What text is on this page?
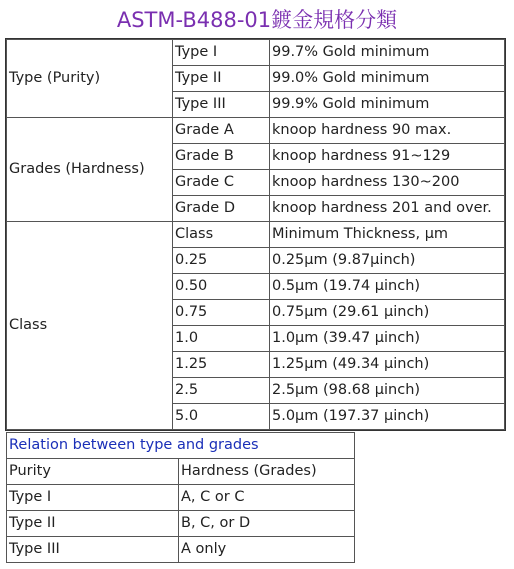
ASTM-B488-01鍍金規格分類
Type (Purity)	Type I	99.7% Gold minimum
	Type II	99.0% Gold minimum
	Type III	99.9% Gold minimum
Grades (Hardness)	Grade A	knoop hardness 90 max.
	Grade B	knoop hardness 91~129
	Grade C	knoop hardness 130~200
	Grade D	knoop hardness 201 and over.
Class	Class	Minimum Thickness, µm
	0.25	0.25µm (9.87µinch)
	0.50	0.5µm (19.74 µinch)
	0.75	0.75µm (29.61 µinch)
	1.0	1.0µm (39.47 µinch)
	1.25	1.25µm (49.34 µinch)
	2.5	2.5µm (98.68 µinch)
	5.0	5.0µm (197.37 µinch)
Relation between type and grades	
Purity	Hardness (Grades)
Type I	A, C or C
Type II	B, C, or D
Type III	A only
